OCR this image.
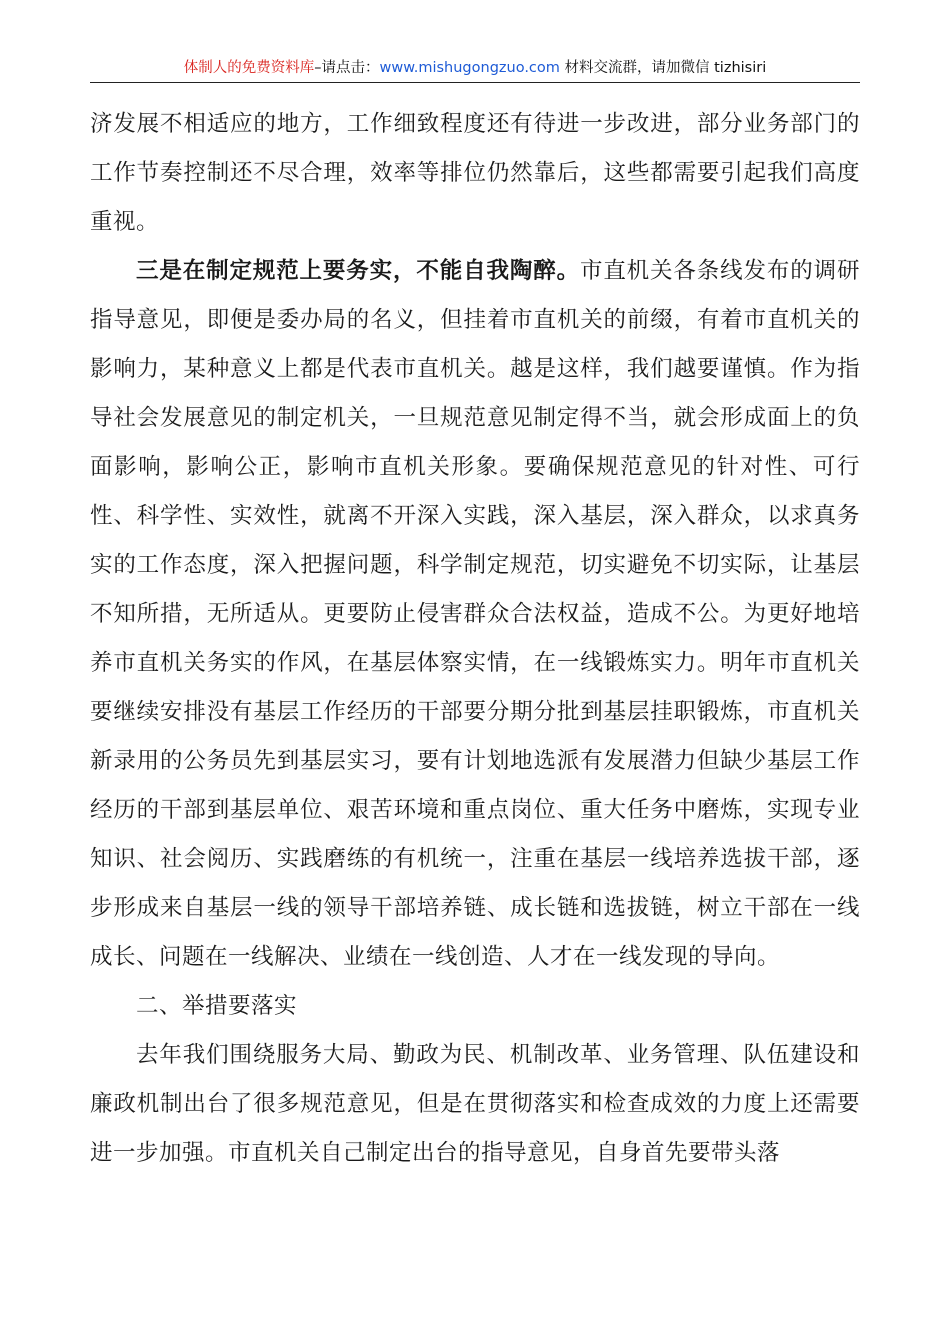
体制人的免费资料库–请点击：www.mishugongzuo.com 材料交流群，请加微信 tizhisiri

济发展不相适应的地方，工作细致程度还有待进一步改进，部分业务部门的工作节奏控制还不尽合理，效率等排位仍然靠后，这些都需要引起我们高度重视。

三是在制定规范上要务实，不能自我陶醉。市直机关各条线发布的调研指导意见，即便是委办局的名义，但挂着市直机关的前缀，有着市直机关的影响力，某种意义上都是代表市直机关。越是这样，我们越要谨慎。作为指导社会发展意见的制定机关，一旦规范意见制定得不当，就会形成面上的负面影响，影响公正，影响市直机关形象。要确保规范意见的针对性、可行性、科学性、实效性，就离不开深入实践，深入基层，深入群众，以求真务实的工作态度，深入把握问题，科学制定规范，切实避免不切实际，让基层不知所措，无所适从。更要防止侵害群众合法权益，造成不公。为更好地培养市直机关务实的作风，在基层体察实情，在一线锻炼实力。明年市直机关要继续安排没有基层工作经历的干部要分期分批到基层挂职锻炼，市直机关新录用的公务员先到基层实习，要有计划地选派有发展潜力但缺少基层工作经历的干部到基层单位、艰苦环境和重点岗位、重大任务中磨炼，实现专业知识、社会阅历、实践磨练的有机统一，注重在基层一线培养选拔干部，逐步形成来自基层一线的领导干部培养链、成长链和选拔链，树立干部在一线成长、问题在一线解决、业绩在一线创造、人才在一线发现的导向。

二、举措要落实

去年我们围绕服务大局、勤政为民、机制改革、业务管理、队伍建设和廉政机制出台了很多规范意见，但是在贯彻落实和检查成效的力度上还需要进一步加强。市直机关自己制定出台的指导意见，自身首先要带头落
